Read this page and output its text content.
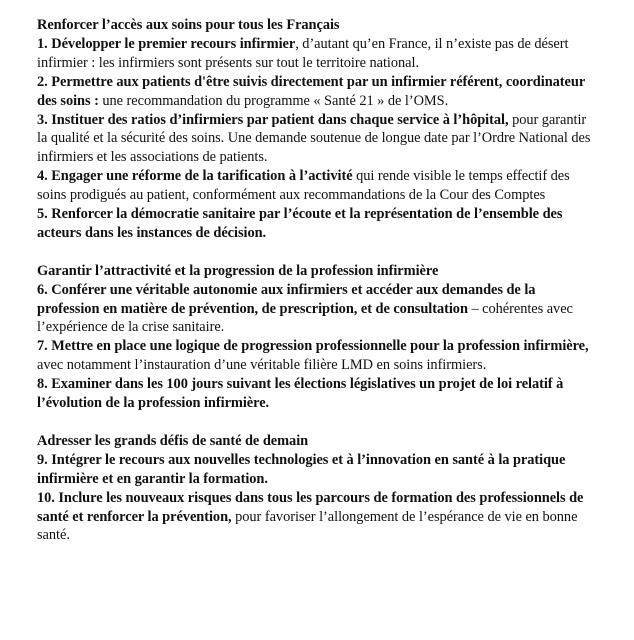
Renforcer l’accès aux soins pour tous les Français
1. Développer le premier recours infirmier, d’autant qu’en France, il n’existe pas de désert infirmier : les infirmiers sont présents sur tout le territoire national.
2. Permettre aux patients d'être suivis directement par un infirmier référent, coordinateur des soins : une recommandation du programme « Santé 21 » de l’OMS.
3. Instituer des ratios d’infirmiers par patient dans chaque service à l’hôpital, pour garantir la qualité et la sécurité des soins. Une demande soutenue de longue date par l’Ordre National des infirmiers et les associations de patients.
4. Engager une réforme de la tarification à l’activité qui rende visible le temps effectif des soins prodigués au patient, conformément aux recommandations de la Cour des Comptes
5. Renforcer la démocratie sanitaire par l’écoute et la représentation de l’ensemble des acteurs dans les instances de décision.
Garantir l’attractivité et la progression de la profession infirmière
6. Conférer une véritable autonomie aux infirmiers et accéder aux demandes de la profession en matière de prévention, de prescription, et de consultation – cohérentes avec l’expérience de la crise sanitaire.
7. Mettre en place une logique de progression professionnelle pour la profession infirmière, avec notamment l’instauration d’une véritable filière LMD en soins infirmiers.
8. Examiner dans les 100 jours suivant les élections législatives un projet de loi relatif à l’évolution de la profession infirmière.
Adresser les grands défis de santé de demain
9. Intégrer le recours aux nouvelles technologies et à l’innovation en santé à la pratique infirmière et en garantir la formation.
10. Inclure les nouveaux risques dans tous les parcours de formation des professionnels de santé et renforcer la prévention, pour favoriser l’allongement de l’espérance de vie en bonne santé.
